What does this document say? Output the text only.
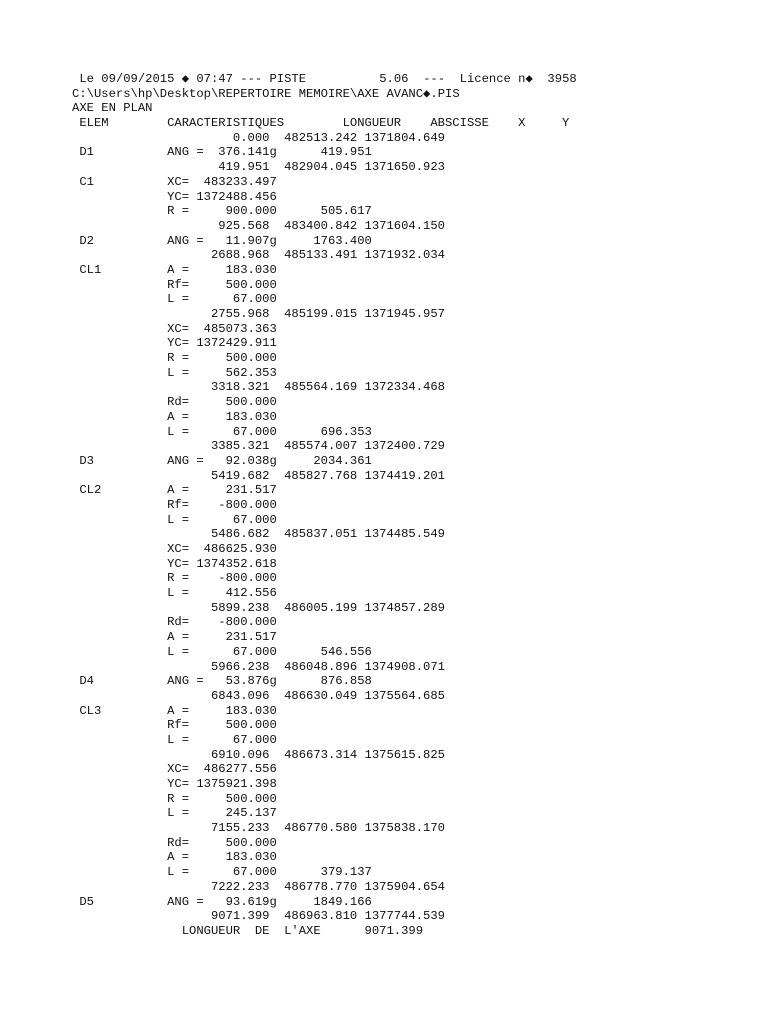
Le 09/09/2015 ◆ 07:47 --- PISTE          5.06  ---  Licence n◆  3958
C:\Users\hp\Desktop\REPERTOIRE MEMOIRE\AXE AVANC◆.PIS
AXE EN PLAN
ELEM        CARACTERISTIQUES        LONGUEUR    ABSCISSE    X     Y
0.000  482513.242 1371804.649
D1          ANG =  376.141g      419.951
419.951  482904.045 1371650.923
C1          XC=  483233.497
YC= 1372488.456
R =     900.000      505.617
925.568  483400.842 1371604.150
D2          ANG =   11.907g     1763.400
2688.968  485133.491 1371932.034
CL1         A =     183.030
Rf=     500.000
L =      67.000
2755.968  485199.015 1371945.957
XC=  485073.363
YC= 1372429.911
R =     500.000
L =     562.353
3318.321  485564.169 1372334.468
Rd=     500.000
A =     183.030
L =      67.000      696.353
3385.321  485574.007 1372400.729
D3          ANG =   92.038g     2034.361
5419.682  485827.768 1374419.201
CL2         A =     231.517
Rf=    -800.000
L =      67.000
5486.682  485837.051 1374485.549
XC=  486625.930
YC= 1374352.618
R =    -800.000
L =     412.556
5899.238  486005.199 1374857.289
Rd=    -800.000
A =     231.517
L =      67.000      546.556
5966.238  486048.896 1374908.071
D4          ANG =   53.876g      876.858
6843.096  486630.049 1375564.685
CL3         A =     183.030
Rf=     500.000
L =      67.000
6910.096  486673.314 1375615.825
XC=  486277.556
YC= 1375921.398
R =     500.000
L =     245.137
7155.233  486770.580 1375838.170
Rd=     500.000
A =     183.030
L =      67.000      379.137
7222.233  486778.770 1375904.654
D5          ANG =   93.619g     1849.166
9071.399  486963.810 1377744.539
LONGUEUR  DE  L'AXE      9071.399
